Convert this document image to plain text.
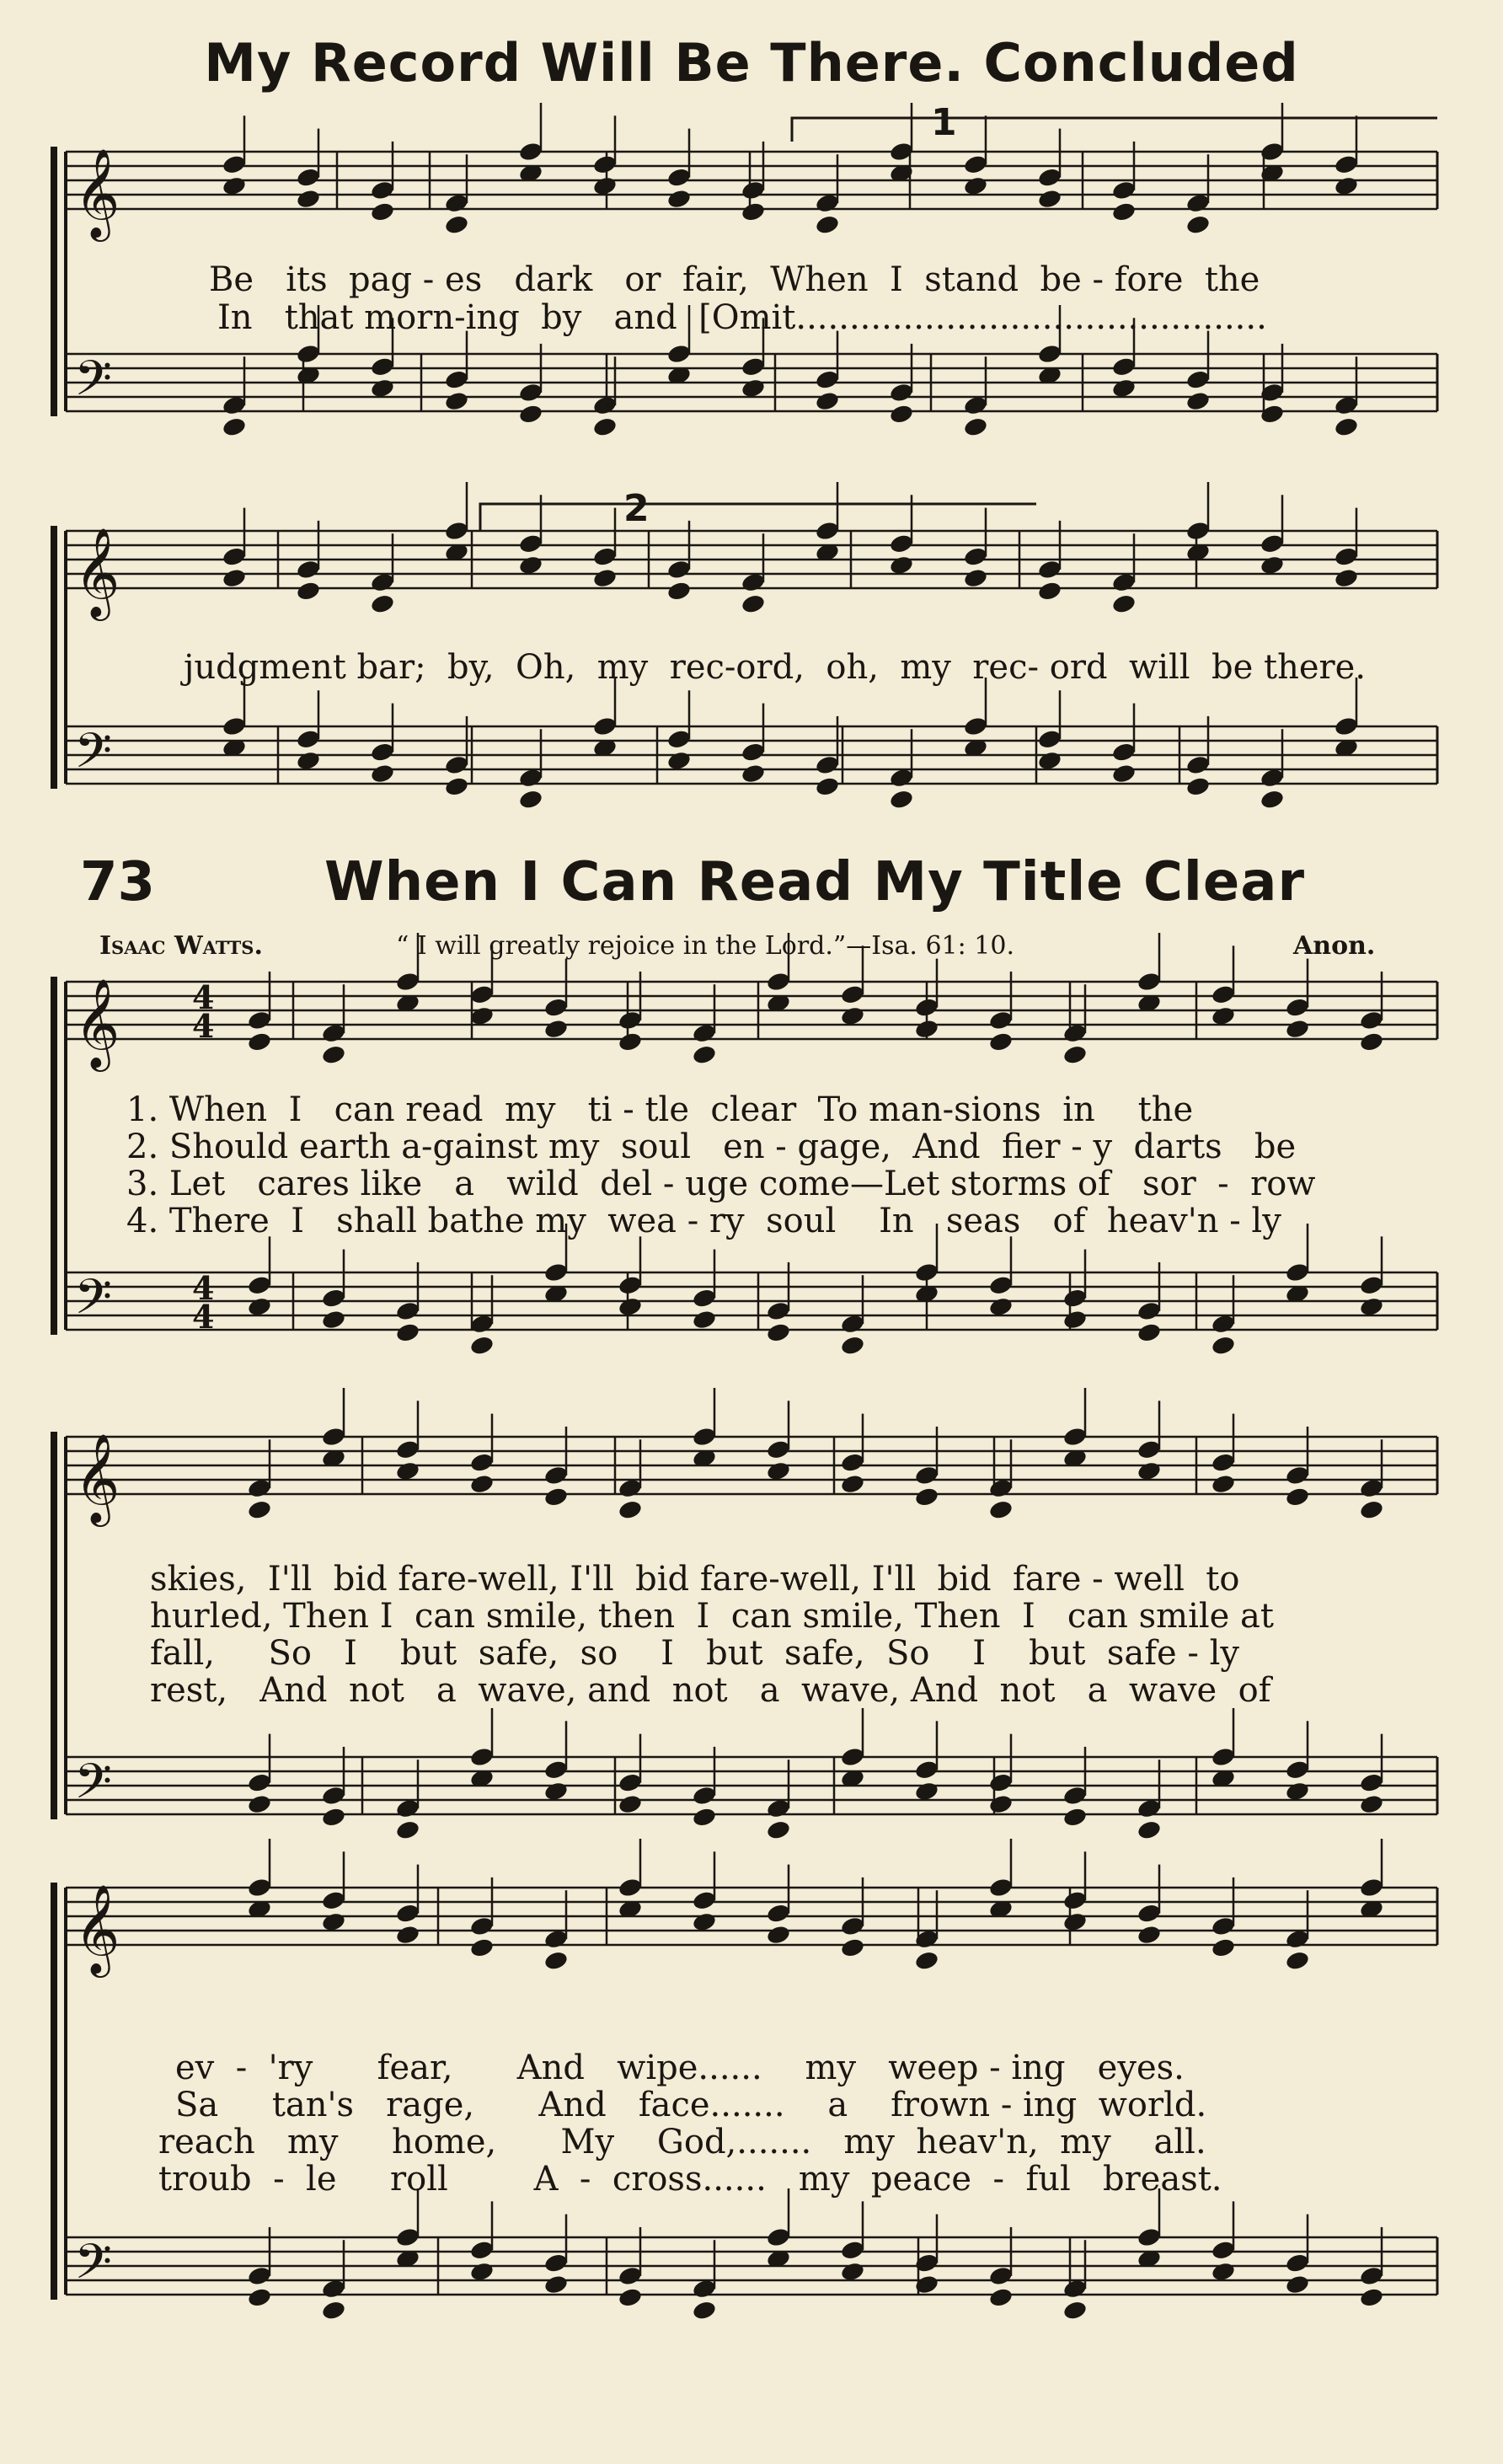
𝄞
𝄢
𝄞
𝄢
𝄞
𝄢
𝄞
𝄢
𝄞
𝄢
4
4
4
4
My Record Will Be There. Concluded
1
2
Be   its  pag - es   dark   or  fair,  When  I  stand  be - fore  the
In   that morn-ing  by   and  [Omit............................................
judgment bar;  by,  Oh,  my  rec-ord,  oh,  my  rec- ord  will  be there.
73	When I Can Read My Title Clear
Isaac Watts.	“ I will greatly rejoice in the Lord.”—Isa. 61: 10.	Anon.
1. When  I   can read  my   ti - tle  clear  To man-sions  in    the
2. Should earth a-gainst my  soul   en - gage,  And  fier - y  darts   be
3. Let   cares like   a   wild  del - uge come—Let storms of   sor  -  row
4. There  I   shall bathe my  wea - ry  soul    In   seas   of  heav'n - ly
skies,  I'll  bid fare-well, I'll  bid fare-well, I'll  bid  fare - well  to
hurled, Then I  can smile, then  I  can smile, Then  I   can smile at
fall,     So   I    but  safe,  so    I   but  safe,  So    I    but  safe - ly
rest,   And  not   a  wave, and  not   a  wave, And  not   a  wave  of
ev  -  'ry      fear,      And   wipe......    my   weep - ing   eyes.
Sa     tan's   rage,      And   face.......    a    frown - ing  world.
reach   my     home,      My    God,.......   my  heav'n,  my    all.
troub  -  le     roll        A  -  cross......   my  peace  -  ful   breast.
